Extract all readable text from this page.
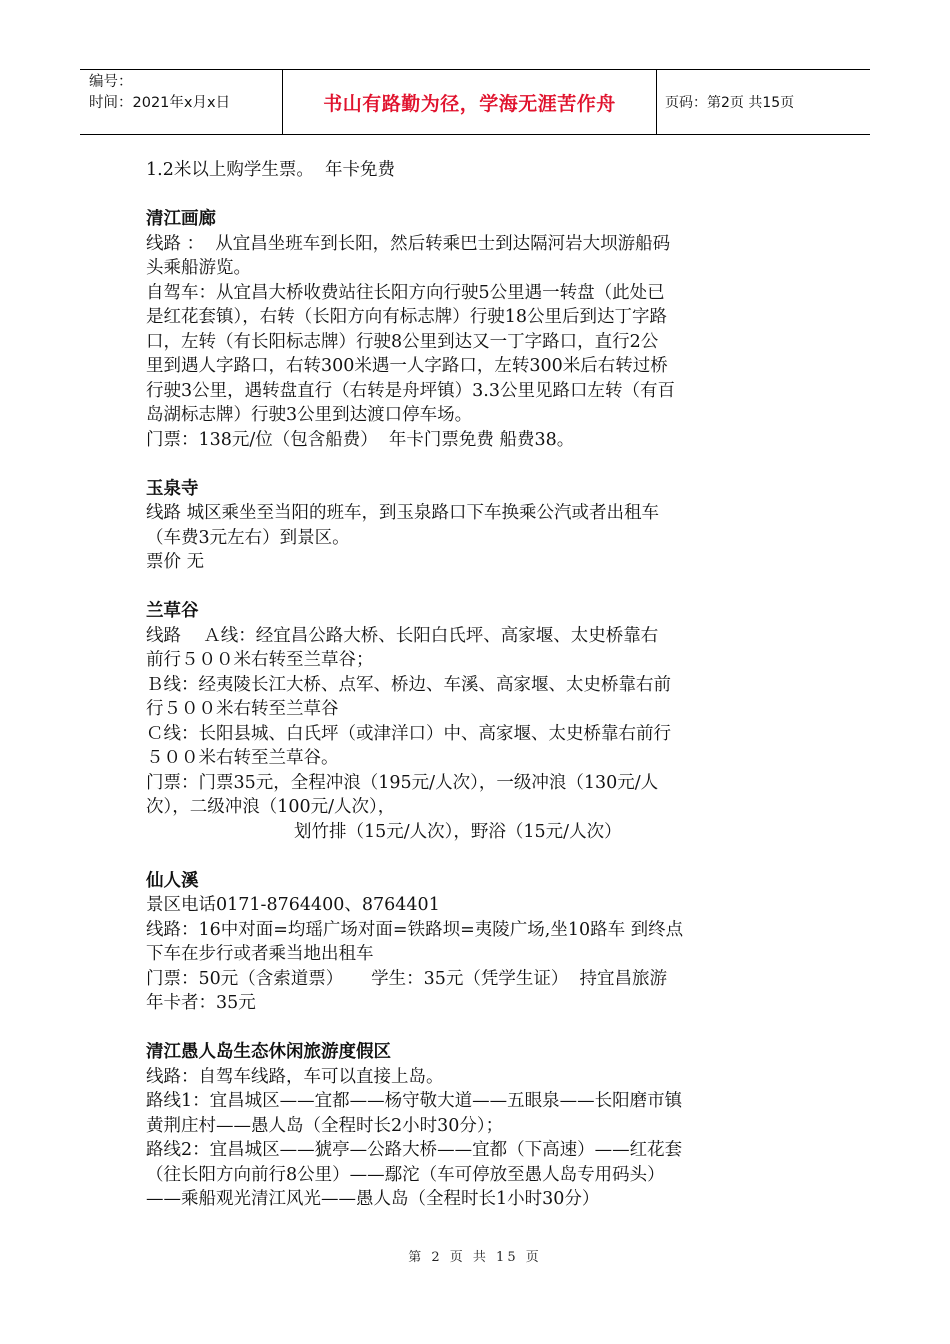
编号：
时间：2021年x月x日	书山有路勤为径，学海无涯苦作舟	页码：第2页 共15页

1.2米以上购学生票。  年卡免费

清江画廊

线路 ：  从宜昌坐班车到长阳，然后转乘巴士到达隔河岩大坝游船码

头乘船游览。

自驾车：从宜昌大桥收费站往长阳方向行驶5公里遇一转盘（此处已

是红花套镇），右转（长阳方向有标志牌）行驶18公里后到达丁字路

口，左转（有长阳标志牌）行驶8公里到达又一丁字路口，直行2公

里到遇人字路口，右转300米遇一人字路口，左转300米后右转过桥

行驶3公里，遇转盘直行（右转是舟坪镇）3.3公里见路口左转（有百

岛湖标志牌）行驶3公里到达渡口停车场。

门票：138元/位（包含船费）  年卡门票免费 船费38。

玉泉寺

线路 城区乘坐至当阳的班车，到玉泉路口下车换乘公汽或者出租车

（车费3元左右）到景区。

票价 无

兰草谷

线路    Ａ线：经宜昌公路大桥、长阳白氏坪、高家堰、太史桥靠右

前行５００米右转至兰草谷；

Ｂ线：经夷陵长江大桥、点军、桥边、车溪、高家堰、太史桥靠右前

行５００米右转至兰草谷

Ｃ线：长阳县城、白氏坪（或津洋口）中、高家堰、太史桥靠右前行

５００米右转至兰草谷。

门票：门票35元，全程冲浪（195元/人次），一级冲浪（130元/人

次），二级冲浪（100元/人次），

划竹排（15元/人次），野浴（15元/人次）

仙人溪

景区电话0171-8764400、8764401

线路：16中对面=均瑶广场对面=铁路坝=夷陵广场,坐10路车 到终点

下车在步行或者乘当地出租车

门票：50元（含索道票）     学生：35元（凭学生证）  持宜昌旅游

年卡者：35元

清江愚人岛生态休闲旅游度假区

线路：自驾车线路，车可以直接上岛。

路线1：宜昌城区——宜都——杨守敬大道——五眼泉——长阳磨市镇

黄荆庄村——愚人岛（全程时长2小时30分）；

路线2：宜昌城区——猇亭—公路大桥——宜都（下高速）——红花套

（往长阳方向前行8公里）——鄢沱（车可停放至愚人岛专用码头）

——乘船观光清江风光——愚人岛（全程时长1小时30分）

第 2 页 共 15 页
